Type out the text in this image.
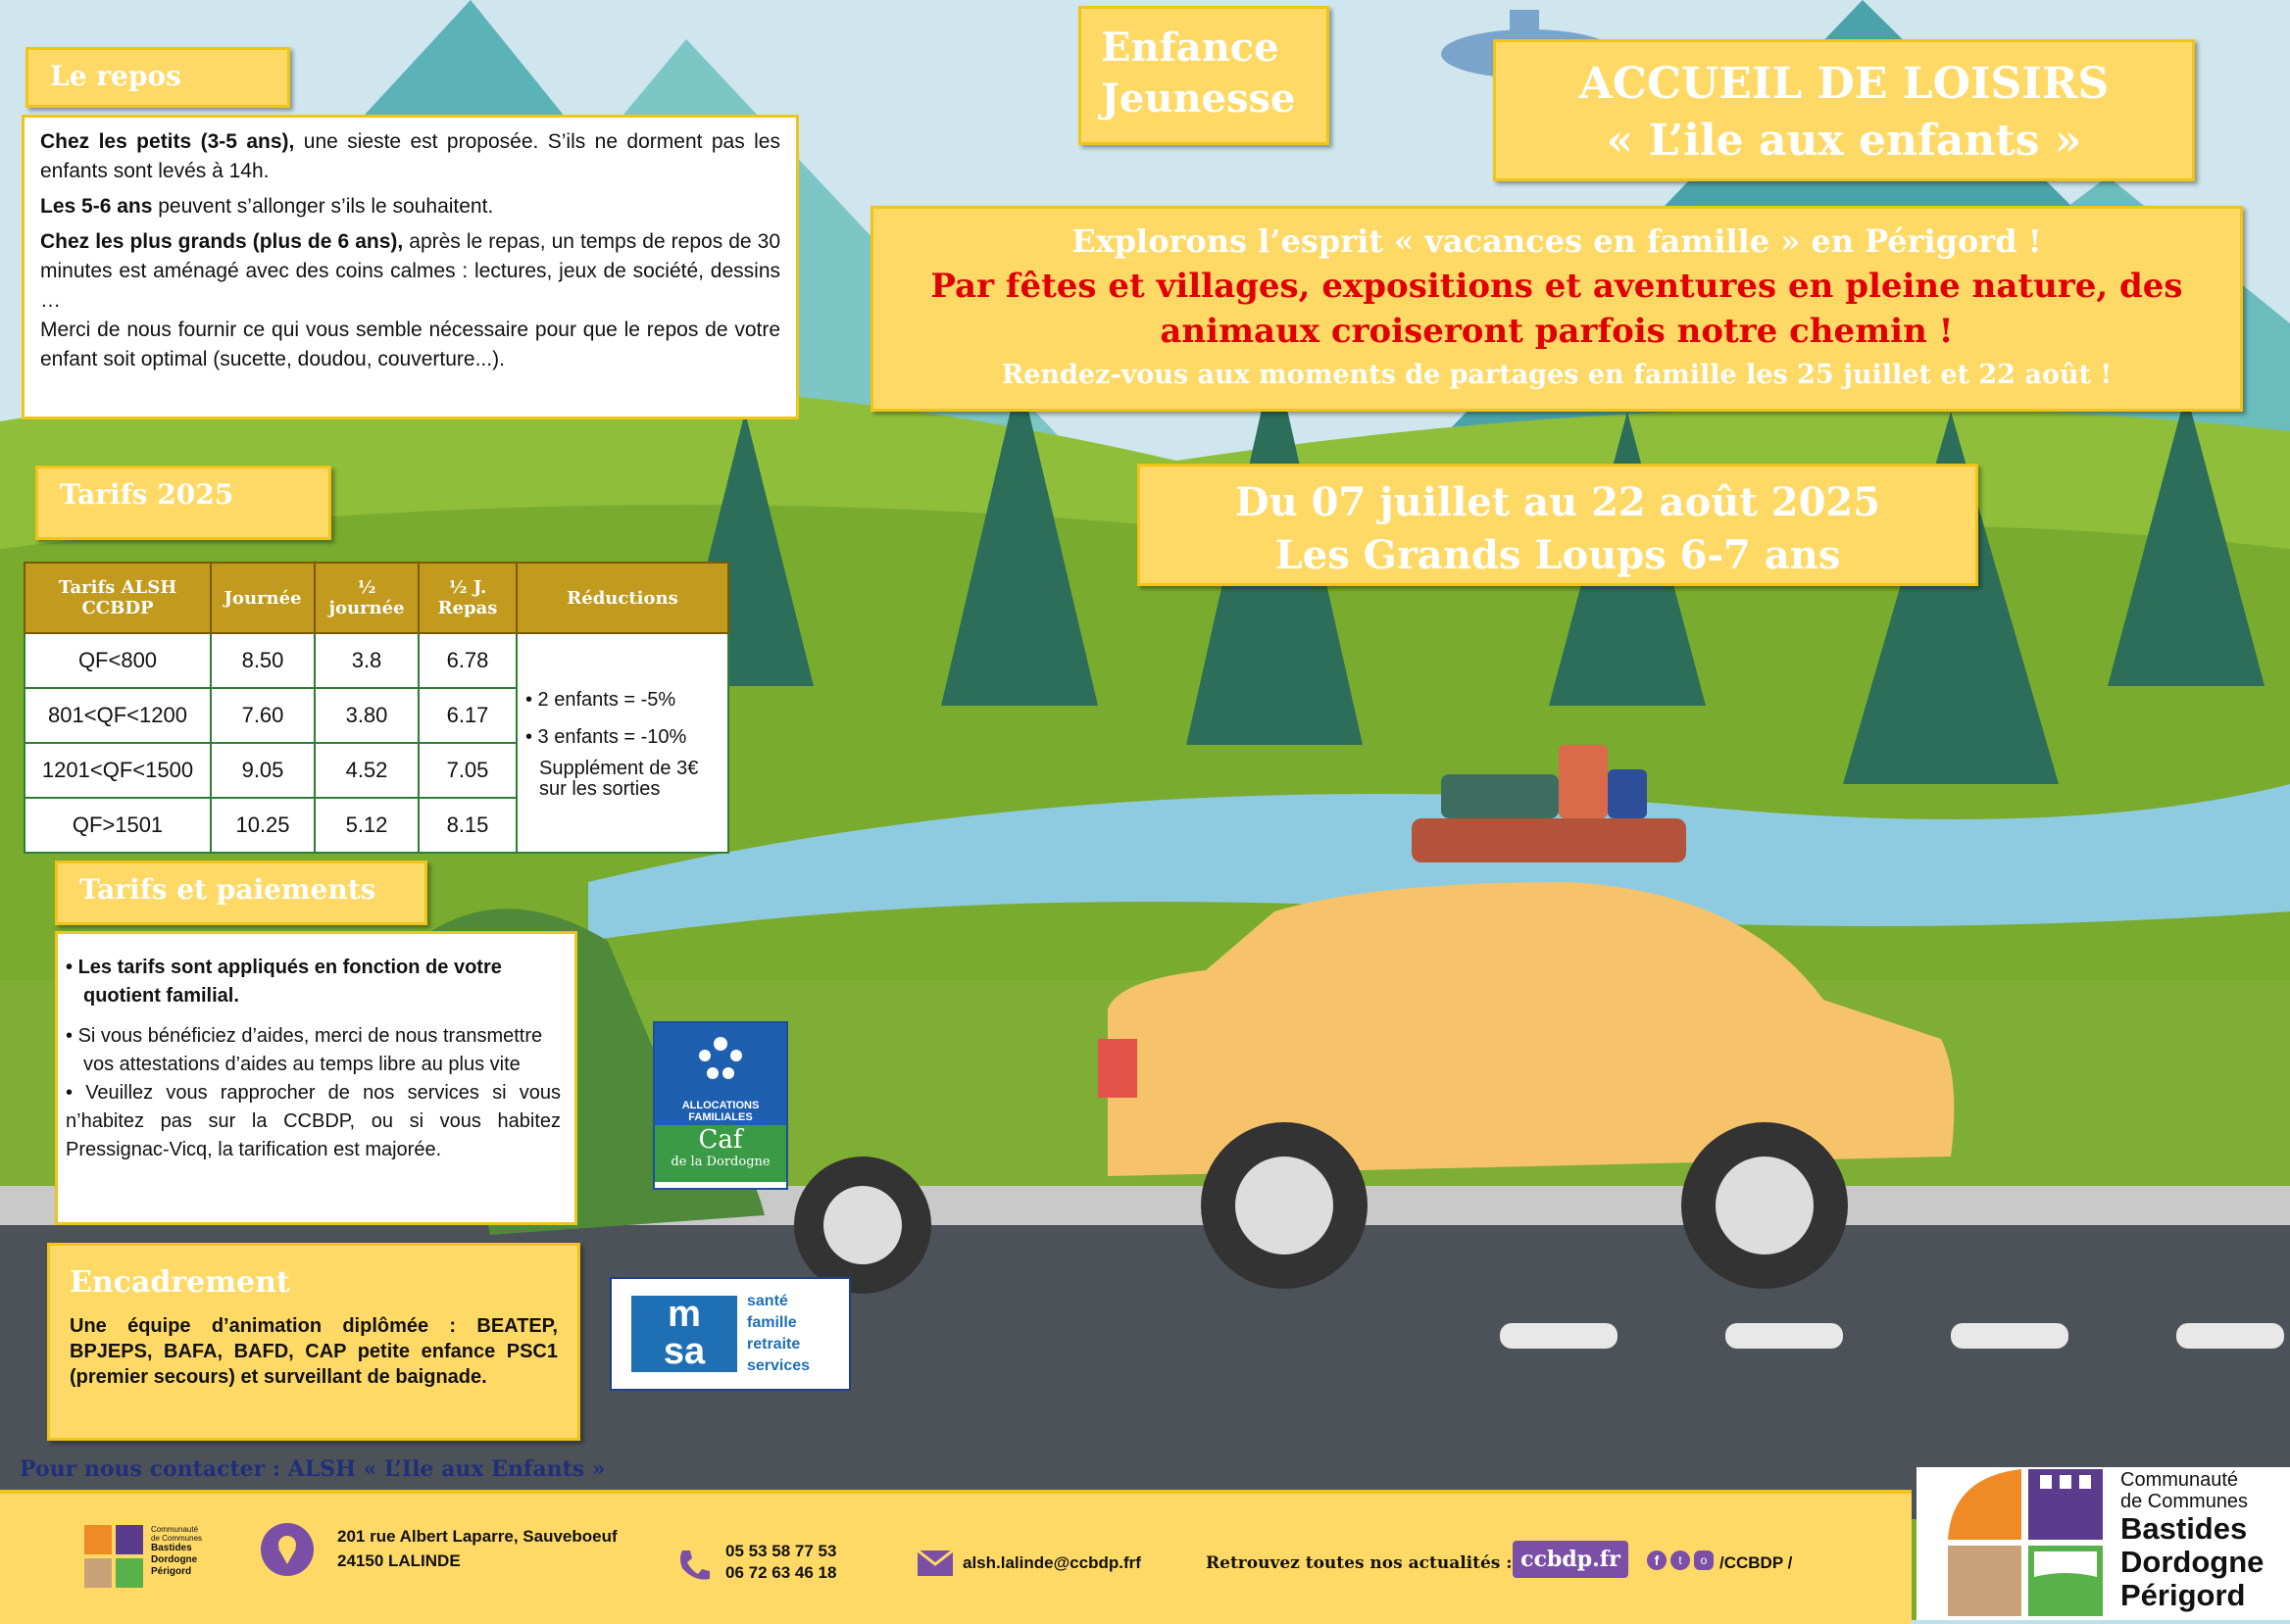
Le repos
Chez les petits (3-5 ans), une sieste est proposée. S’ils ne dorment pas les enfants sont levés à 14h.
Les 5-6 ans peuvent s’allonger s’ils le souhaitent.
Chez les plus grands (plus de 6 ans), après le repas, un temps de repos de 30 minutes est aménagé avec des coins calmes : lectures, jeux de société, dessins …
Merci de nous fournir ce qui vous semble nécessaire pour que le repos de votre enfant soit optimal (sucette, doudou, couverture...).
Enfance
Jeunesse	ACCUEIL DE LOISIRS
« L’ile aux enfants »
Explorons l’esprit « vacances en famille » en Périgord !
Par fêtes et villages, expositions et aventures en pleine nature, des animaux croiseront parfois notre chemin !
Rendez-vous aux moments de partages en famille les 25 juillet et 22 août !
Du 07 juillet au 22 août 2025
Les Grands Loups 6-7 ans
Tarifs 2025
Tarifs ALSH CCBDP	Journée	½ journée	½ J. Repas	Réductions
QF<800	8.50	3.8	6.78	• 2 enfants = -5%
• 3 enfants = -10%
Supplément de 3€
sur les sorties

801<QF<1200	7.60	3.80	6.17	
1201<QF<1500	9.05	4.52	7.05	
QF>1501	10.25	5.12	8.15	
Tarifs et paiements
• Les tarifs sont appliqués en fonction de votre quotient familial.
• Si vous bénéficiez d’aides, merci de nous transmettre vos attestations d’aides au temps libre au plus vite
• Veuillez vous rapprocher de nos services si vous n’habitez pas sur la CCBDP, ou si vous habitez Pressignac-Vicq, la tarification est majorée.
ALLOCATIONS
FAMILIALES
Caf
de la Dordogne
Encadrement
Une équipe d’animation diplômée : BEATEP, BPJEPS, BAFA, BAFD, CAP petite enfance PSC1 (premier secours) et surveillant de baignade.
m
sa
santé
famille
retraite
services
Pour nous contacter : ALSH « L’Ile aux Enfants »
Communauté
de Communes
Bastides
Dordogne
Périgord
201 rue Albert Laparre, Sauveboeuf
24150 LALINDE
05 53 58 77 53
06 72 63 46 18
alsh.lalinde@ccbdp.frf	Retrouvez toutes nos actualités : ccbdp.fr	f	t	o /CCBDP /
Communauté
de Communes
Bastides
Dordogne
Périgord
